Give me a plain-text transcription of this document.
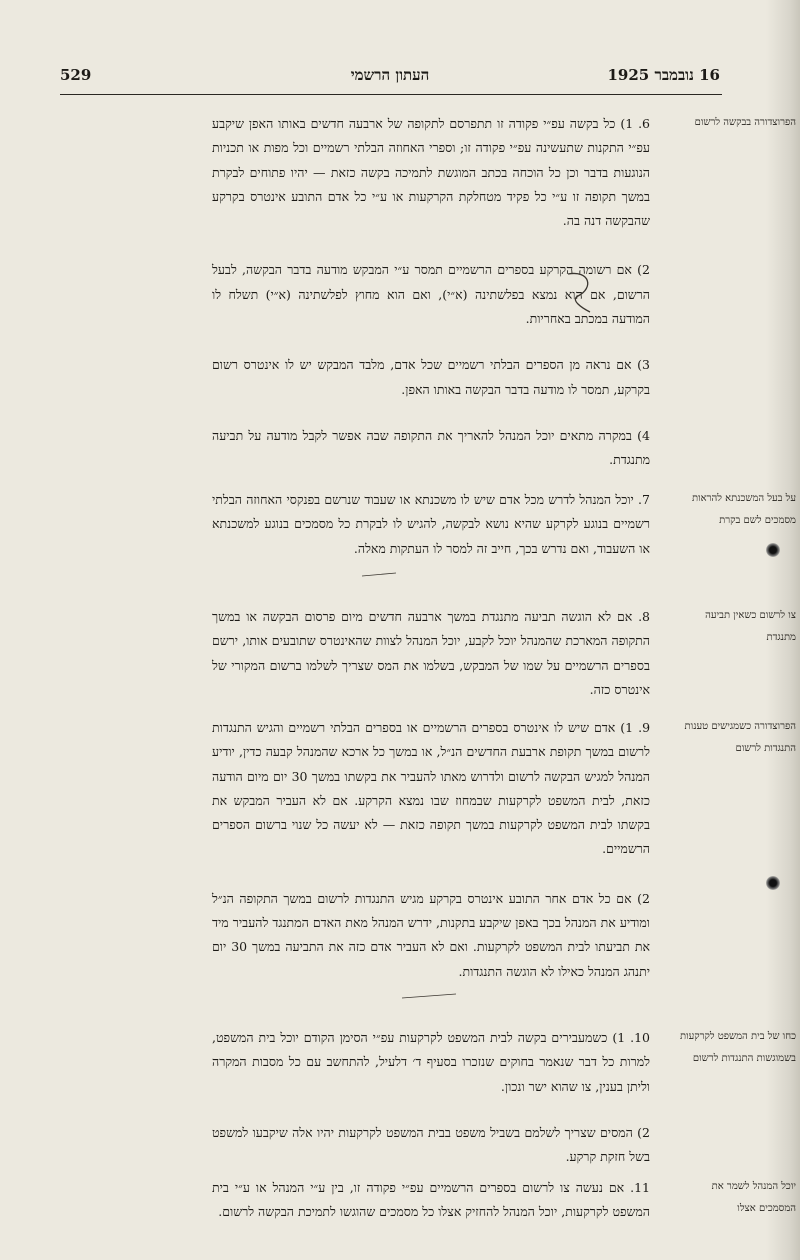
16 נובמבר 1925
העתון הרשמי
529

6. 1) כל בקשה עפ״י פקודה זו תתפרסם לתקופה של ארבעה חדשים באותו האפן שיקבע עפ״י התקנות שתעשינה עפ״י פקודה זו; וספרי האחוזה הבלתי רשמיים וכל מפות או תכניות הנוגעות בדבר וכן כל הוכחה בכתב המוגשת לתמיכה בקשה כזאת — יהיו פתוחים לבקרת במשך תקופה זו ע״י כל פקיד מטחלקת הקרקעות או ע״י כל אדם התובע אינטרס בקרקע שהבקשה דנה בה.

2) אם רשומה הקרקע בספרים הרשמיים תמסר ע״י המבקש מודעה בדבר הבקשה, לבעל הרשום, אם הוא נמצא בפלשתינה (א״י), ואם הוא מחוץ לפלשתינה (א״י) תשלח לו המודעה במכתב באחריות.

3) אם נראה מן הספרים הבלתי רשמיים שכל אדם, מלבד המבקש יש לו אינטרס רשום בקרקע, תמסר לו מודעה בדבר הבקשה באותו האפן.

4) במקרה מתאים יוכל המנהל להאריך את התקופה שבה אפשר לקבל מודעה על תביעה מתנגדת.

הפרוצדורה בבקשה לרשום

7. יוכל המנהל לדרש מכל אדם שיש לו משכנתא או שעבוד שנרשם בפנקסי האחוזה הבלתי רשמיים בנוגע לקרקע שהיא נושא לבקשה, להגיש לו לבקרת כל מסמכים בנוגע למשכנתא או השעבוד, ואם נדרש בכך, חייב זה למסר לו העתקות מאלה.

על בעל המשכנתא להראות מסמכים לשם בקרת

8. אם לא הוגשה תביעה מתנגדת במשך ארבעה חדשים מיום פרסום הבקשה או במשך התקופה המארכת שהמנהל יוכל לקבע, יוכל המנהל לצוות שהאינטרס שתובעים אותו, ירשם בספרים הרשמיים על שמו של המבקש, בשלמו את המס שצריך לשלמו ברשום המקורי של אינטרס כזה.

צו לרשום כשאין תביעה מתנגדת

9. 1) אדם שיש לו אינטרס בספרים הרשמיים או בספרים הבלתי רשמיים והגיש התנגדות לרשום במשך תקופת ארבעת החדשים הנ״ל, או במשך כל ארכא שהמנהל קבעה כדין, יודיע המנהל למגיש הבקשה לרשום ולדרוש מאתו להעביר את בקשתו במשך 30 יום מיום הודעה כזאת, לבית המשפט לקרקעות שבמחוז שבו נמצא הקרקע. אם לא העביר המבקש את בקשתו לבית המשפט לקרקעות במשך תקופה כזאת — לא יעשה כל שנוי ברשום הספרים הרשמיים.

2) אם כל אדם אחר התובע אינטרס בקרקע מגיש התנגדות לרשום במשך התקופה הנ״ל ומודיע את המנהל בכך באפן שיקבע בתקנות, ידרש המנהל מאת האדם המתנגד להעביר מיד את תביעתו לבית המשפט לקרקעות. ואם לא העביר אדם כזה את התביעה במשך 30 יום יתנהג המנהל כאילו לא הוגשה התנגדות.

הפרוצדורה כשמגישים טענות התנגדות לרשום

10. 1) כשמעבירים בקשה לבית המשפט לקרקעות עפ״י הסימן הקודם יוכל בית המשפט, למרות כל דבר שנאמר בחוקים שנזכרו בסעיף ד׳ דלעיל, להתחשב עם כל מסבות המקרה וליתן בענין, צו שהוא ישר ונכון.

2) המסים שצריך לשלמם בשביל משפט בבית המשפט לקרקעות יהיו אלה שיקבעו למשפט בשל חזקת קרקע.

כחו של בית המשפט לקרקעות בשמוגשות התנגדות לרשום

11. אם נעשה צו לרשום בספרים הרשמיים עפ״י פקודה זו, בין ע״י המנהל או ע״י בית המשפט לקרקעות, יוכל המנהל להחזיק אצלו כל מסמכים שהוגשו לתמיכת הבקשה לרשום.

יוכל המנהל לשמר את המסמכים אצלו
